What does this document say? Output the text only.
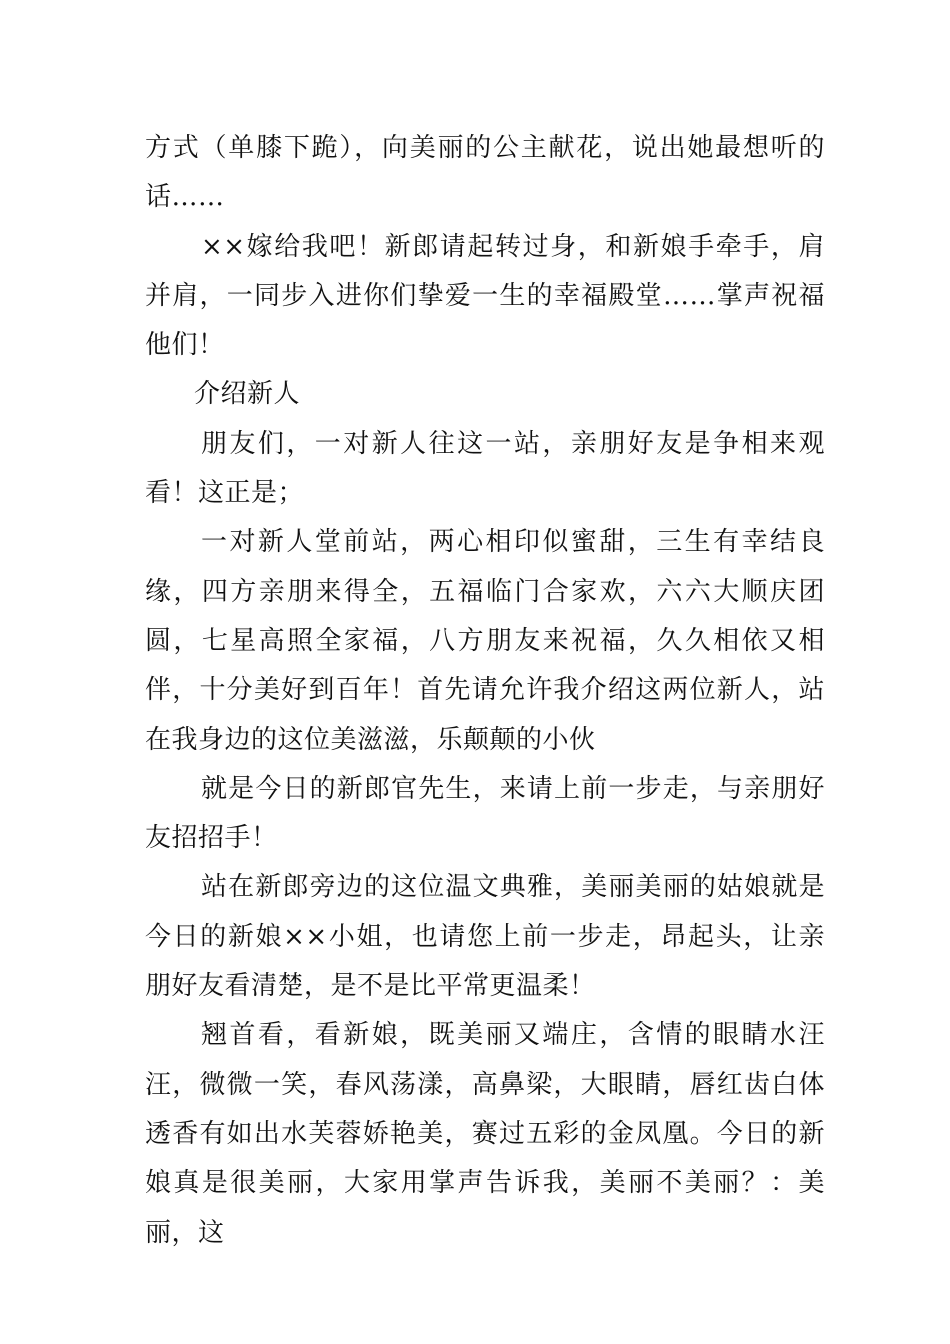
方式（单膝下跪），向美丽的公主献花，说出她最想听的话……

××嫁给我吧！新郎请起转过身，和新娘手牵手，肩并肩，一同步入进你们挚爱一生的幸福殿堂……掌声祝福他们！

介绍新人

朋友们，一对新人往这一站，亲朋好友是争相来观看！这正是；

一对新人堂前站，两心相印似蜜甜，三生有幸结良缘，四方亲朋来得全，五福临门合家欢，六六大顺庆团圆，七星高照全家福，八方朋友来祝福，久久相依又相伴，十分美好到百年！首先请允许我介绍这两位新人，站在我身边的这位美滋滋，乐颠颠的小伙

就是今日的新郎官先生，来请上前一步走，与亲朋好友招招手！

站在新郎旁边的这位温文典雅，美丽美丽的姑娘就是今日的新娘××小姐，也请您上前一步走，昂起头，让亲朋好友看清楚，是不是比平常更温柔！

翘首看，看新娘，既美丽又端庄，含情的眼睛水汪汪，微微一笑，春风荡漾，高鼻梁，大眼睛，唇红齿白体透香有如出水芙蓉娇艳美，赛过五彩的金凤凰。今日的新娘真是很美丽，大家用掌声告诉我，美丽不美丽？：美丽，这
